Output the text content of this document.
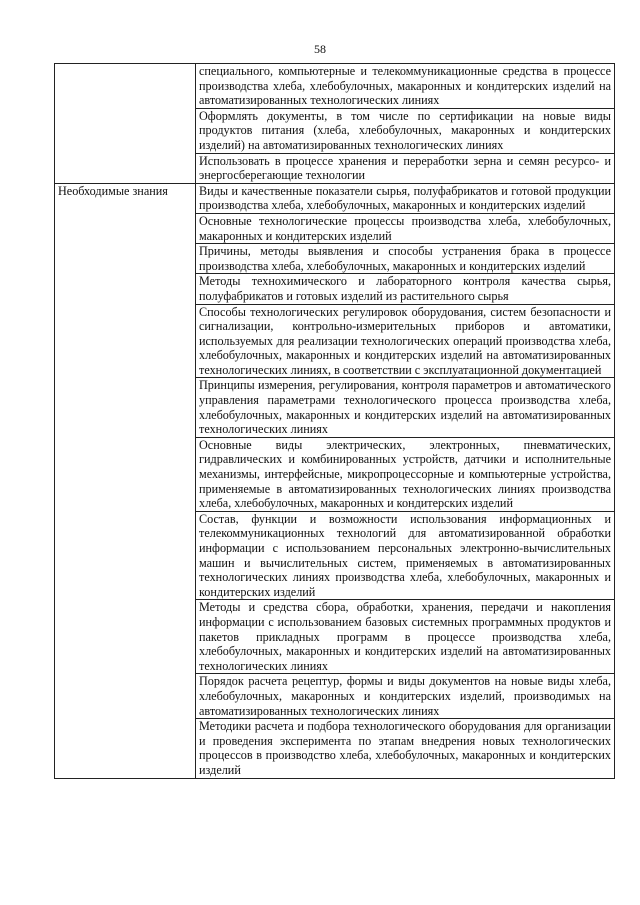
58
	специального, компьютерные и телекоммуникационные средства в процессе производства хлеба, хлебобулочных, макаронных и кондитерских изделий на автоматизированных технологических линиях
	Оформлять документы, в том числе по сертификации на новые виды продуктов питания (хлеба, хлебобулочных, макаронных и кондитерских изделий) на автоматизированных технологических линиях
	Использовать в процессе хранения и переработки зерна и семян ресурсо- и энергосберегающие технологии
Необходимые знания	Виды и качественные показатели сырья, полуфабрикатов и готовой продукции производства хлеба, хлебобулочных, макаронных и кондитерских изделий
	Основные технологические процессы производства хлеба, хлебобулочных, макаронных и кондитерских изделий
	Причины, методы выявления и способы устранения брака в процессе производства хлеба, хлебобулочных, макаронных и кондитерских изделий
	Методы технохимического и лабораторного контроля качества сырья, полуфабрикатов и готовых изделий из растительного сырья
	Способы технологических регулировок оборудования, систем безопасности и сигнализации, контрольно-измерительных приборов и автоматики, используемых для реализации технологических операций производства хлеба, хлебобулочных, макаронных и кондитерских изделий на автоматизированных технологических линиях, в соответствии с эксплуатационной документацией
	Принципы измерения, регулирования, контроля параметров и автоматического управления параметрами технологического процесса производства хлеба, хлебобулочных, макаронных и кондитерских изделий на автоматизированных технологических линиях
	Основные виды электрических, электронных, пневматических, гидравлических и комбинированных устройств, датчики и исполнительные механизмы, интерфейсные, микропроцессорные и компьютерные устройства, применяемые в автоматизированных технологических линиях производства хлеба, хлебобулочных, макаронных и кондитерских изделий
	Состав, функции и возможности использования информационных и телекоммуникационных технологий для автоматизированной обработки информации с использованием персональных электронно-вычислительных машин и вычислительных систем, применяемых в автоматизированных технологических линиях производства хлеба, хлебобулочных, макаронных и кондитерских изделий
	Методы и средства сбора, обработки, хранения, передачи и накопления информации с использованием базовых системных программных продуктов и пакетов прикладных программ в процессе производства хлеба, хлебобулочных, макаронных и кондитерских изделий на автоматизированных технологических линиях
	Порядок расчета рецептур, формы и виды документов на новые виды хлеба, хлебобулочных, макаронных и кондитерских изделий, производимых на автоматизированных технологических линиях
	Методики расчета и подбора технологического оборудования для организации и проведения эксперимента по этапам внедрения новых технологических процессов в производство хлеба, хлебобулочных, макаронных и кондитерских изделий
